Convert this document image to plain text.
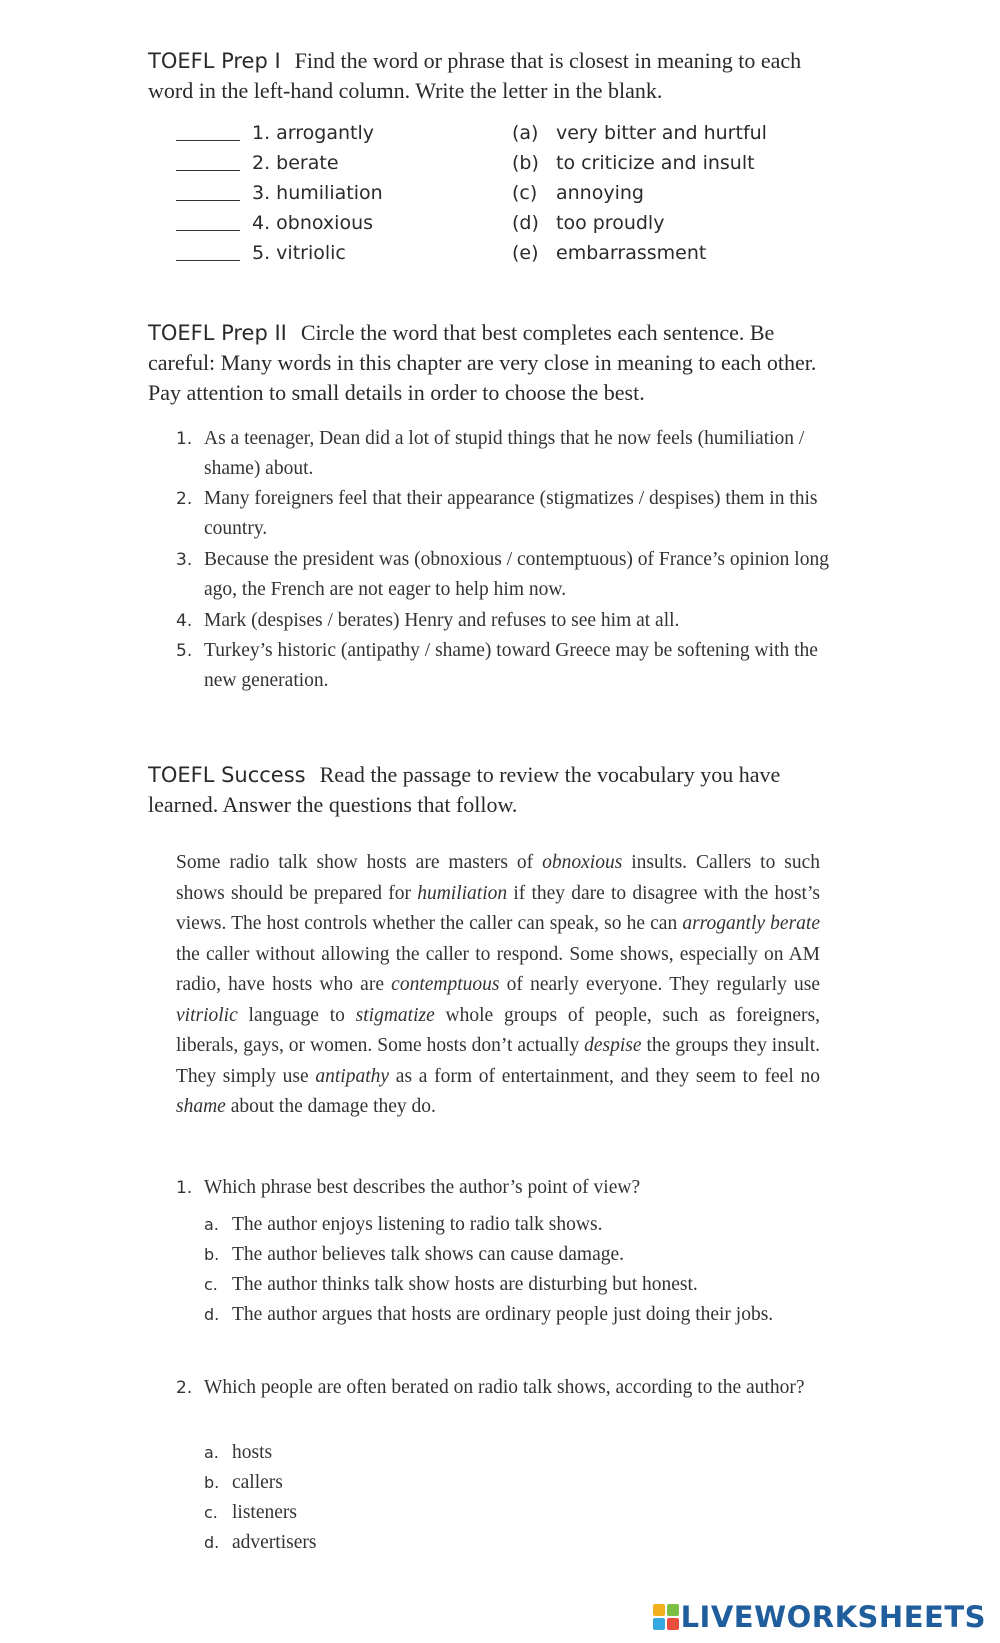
TOEFL Prep I Find the word or phrase that is closest in meaning to each word in the left-hand column. Write the letter in the blank.
1. arrogantly	(a) very bitter and hurtful
2. berate	(b) to criticize and insult
3. humiliation	(c) annoying
4. obnoxious	(d) too proudly
5. vitriolic	(e) embarrassment
TOEFL Prep II Circle the word that best completes each sentence. Be careful: Many words in this chapter are very close in meaning to each other. Pay attention to small details in order to choose the best.
1. As a teenager, Dean did a lot of stupid things that he now feels (humiliation / shame) about.
2. Many foreigners feel that their appearance (stigmatizes / despises) them in this country.
3. Because the president was (obnoxious / contemptuous) of France’s opinion long ago, the French are not eager to help him now.
4. Mark (despises / berates) Henry and refuses to see him at all.
5. Turkey’s historic (antipathy / shame) toward Greece may be softening with the new generation.
TOEFL Success Read the passage to review the vocabulary you have learned. Answer the questions that follow.
Some radio talk show hosts are masters of obnoxious insults. Callers to such shows should be prepared for humiliation if they dare to disagree with the host’s views. The host controls whether the caller can speak, so he can arrogantly berate the caller without allowing the caller to respond. Some shows, especially on AM radio, have hosts who are contemptuous of nearly everyone. They regularly use vitriolic language to stigmatize whole groups of people, such as foreigners, liberals, gays, or women. Some hosts don’t actually despise the groups they insult. They simply use antipathy as a form of entertainment, and they seem to feel no shame about the damage they do.
1. Which phrase best describes the author’s point of view?
a. The author enjoys listening to radio talk shows.
b. The author believes talk shows can cause damage.
c. The author thinks talk show hosts are disturbing but honest.
d. The author argues that hosts are ordinary people just doing their jobs.
2. Which people are often berated on radio talk shows, according to the author?
a. hosts
b. callers
c. listeners
d. advertisers
LIVEWORKSHEETS
